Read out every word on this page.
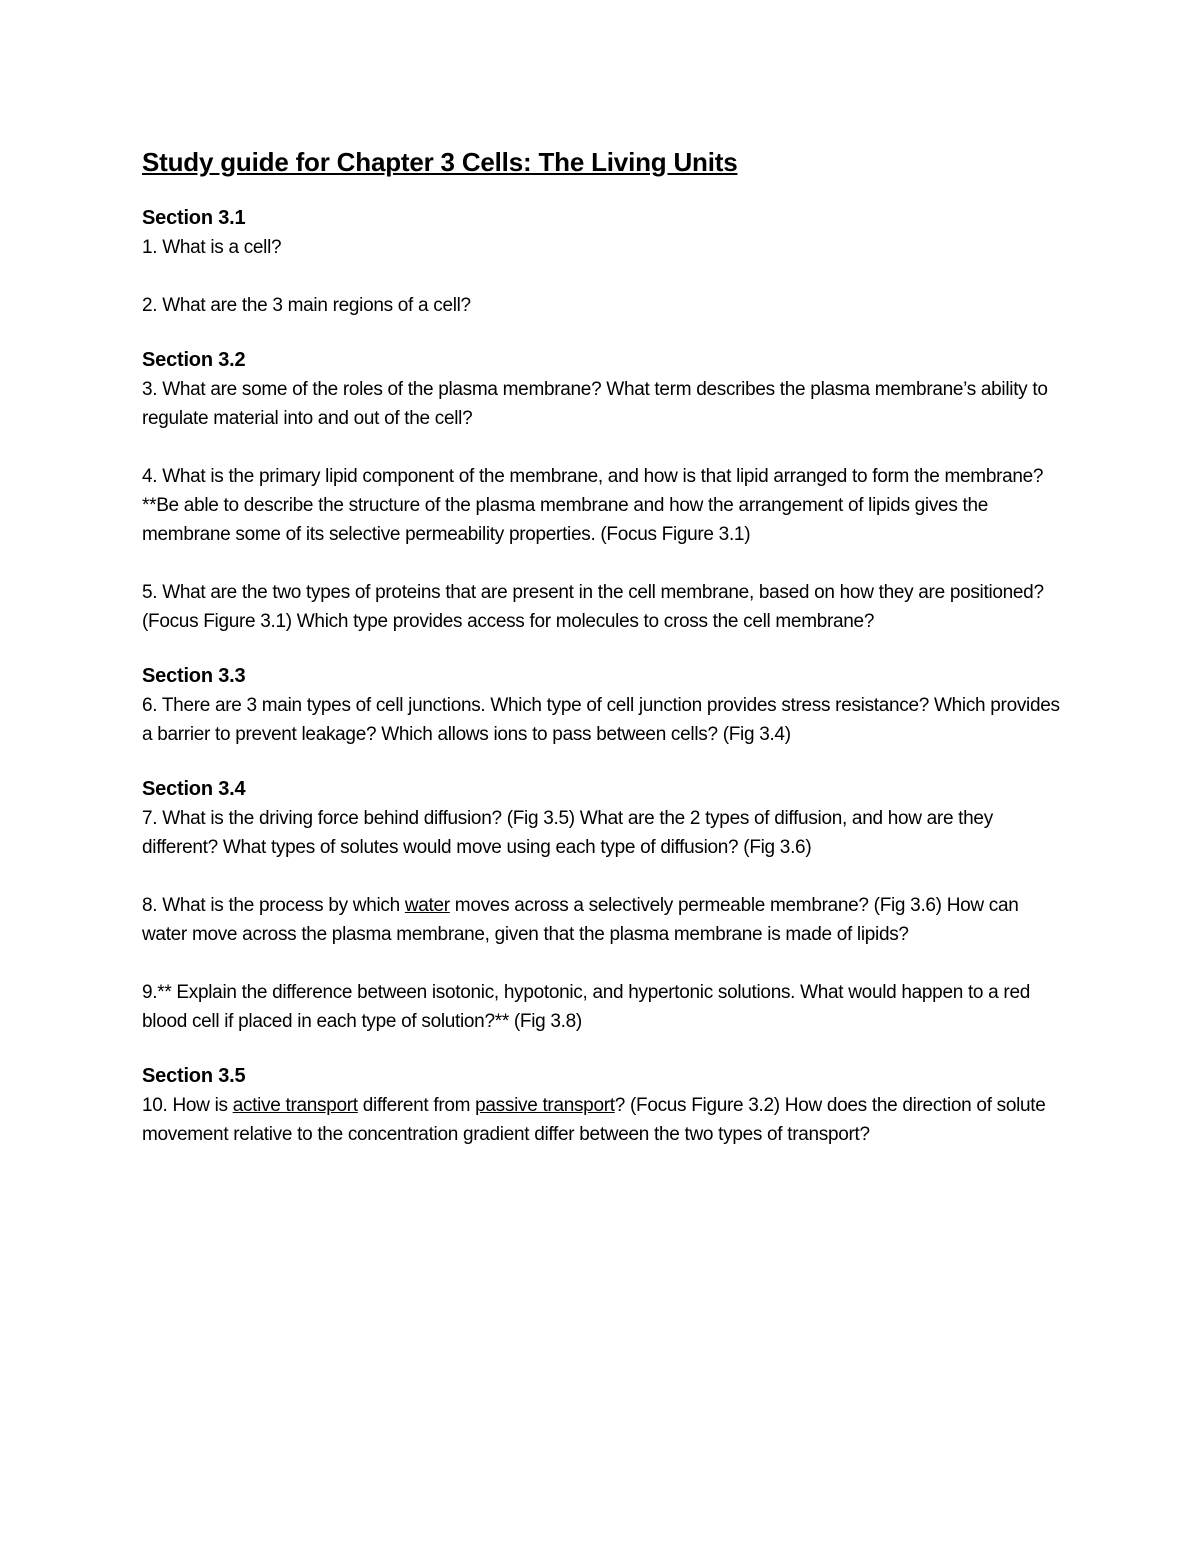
Study guide for Chapter 3 Cells: The Living Units
Section 3.1
1. What is a cell?
2. What are the 3 main regions of a cell?
Section 3.2
3. What are some of the roles of the plasma membrane? What term describes the plasma membrane’s ability to regulate material into and out of the cell?
4. What is the primary lipid component of the membrane, and how is that lipid arranged to form the membrane? **Be able to describe the structure of the plasma membrane and how the arrangement of lipids gives the membrane some of its selective permeability properties. (Focus Figure 3.1)
5. What are the two types of proteins that are present in the cell membrane, based on how they are positioned? (Focus Figure 3.1) Which type provides access for molecules to cross the cell membrane?
Section 3.3
6. There are 3 main types of cell junctions. Which type of cell junction provides stress resistance? Which provides a barrier to prevent leakage? Which allows ions to pass between cells? (Fig 3.4)
Section 3.4
7. What is the driving force behind diffusion? (Fig 3.5) What are the 2 types of diffusion, and how are they different? What types of solutes would move using each type of diffusion? (Fig 3.6)
8. What is the process by which water moves across a selectively permeable membrane? (Fig 3.6) How can water move across the plasma membrane, given that the plasma membrane is made of lipids?
9.** Explain the difference between isotonic, hypotonic, and hypertonic solutions. What would happen to a red blood cell if placed in each type of solution?** (Fig 3.8)
Section 3.5
10. How is active transport different from passive transport? (Focus Figure 3.2) How does the direction of solute movement relative to the concentration gradient differ between the two types of transport?
